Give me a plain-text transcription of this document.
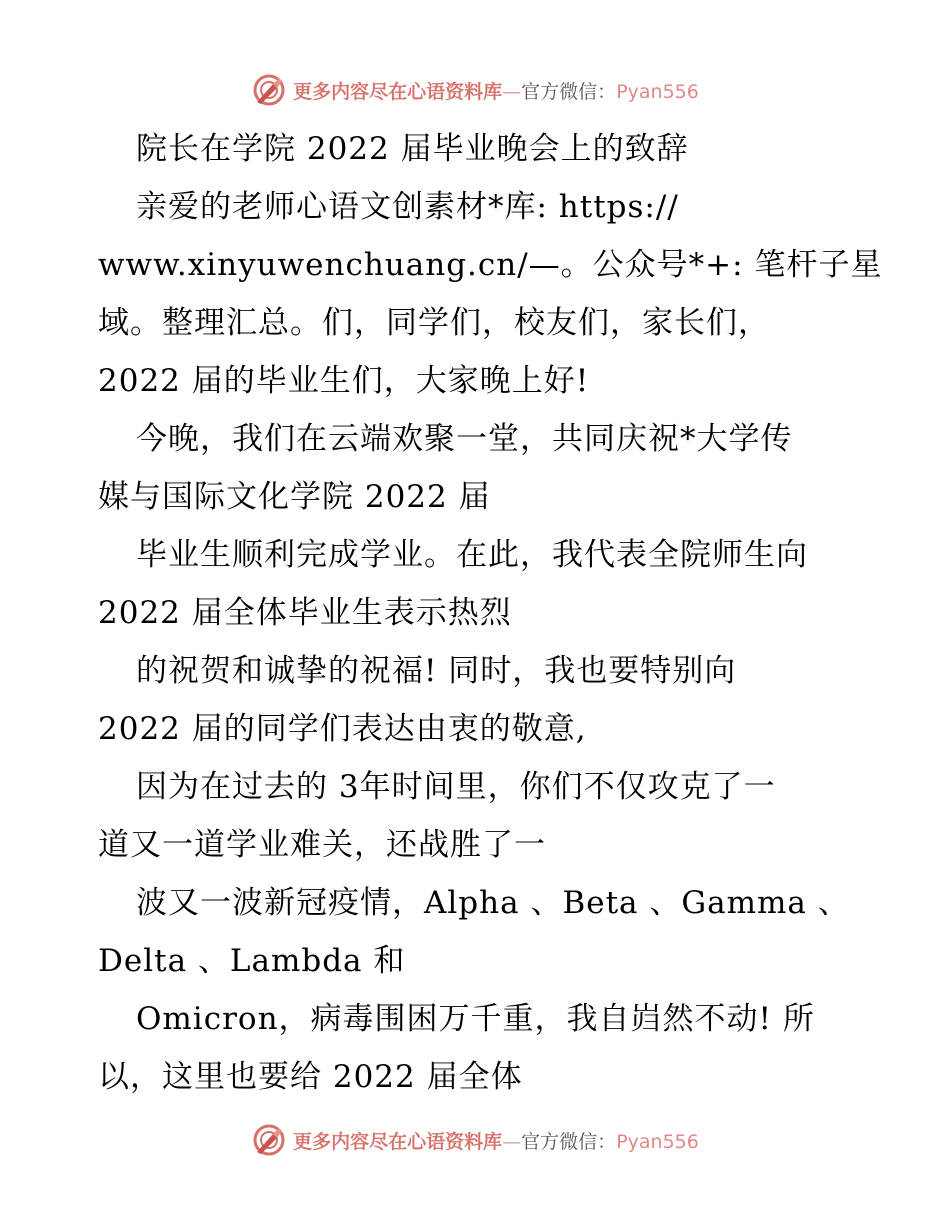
更多内容尽在心语资料库—官方微信：Pyan556
院长在学院 2022 届毕业晚会上的致辞
亲爱的老师心语文创素材*库: https://
www.xinyuwenchuang.cn/—。公众号*+: 笔杆子星
域。整理汇总。们，同学们，校友们，家长们，
2022 届的毕业生们，大家晚上好!
今晚，我们在云端欢聚一堂，共同庆祝*大学传
媒与国际文化学院 2022 届
毕业生顺利完成学业。在此，我代表全院师生向
2022 届全体毕业生表示热烈
的祝贺和诚挚的祝福! 同时，我也要特别向
2022 届的同学们表达由衷的敬意,
因为在过去的 3年时间里，你们不仅攻克了一
道又一道学业难关，还战胜了一
波又一波新冠疫情，Alpha 、Beta 、Gamma 、
Delta 、Lambda 和
Omicron，病毒围困万千重，我自岿然不动! 所
以，这里也要给 2022 届全体
更多内容尽在心语资料库—官方微信：Pyan556
